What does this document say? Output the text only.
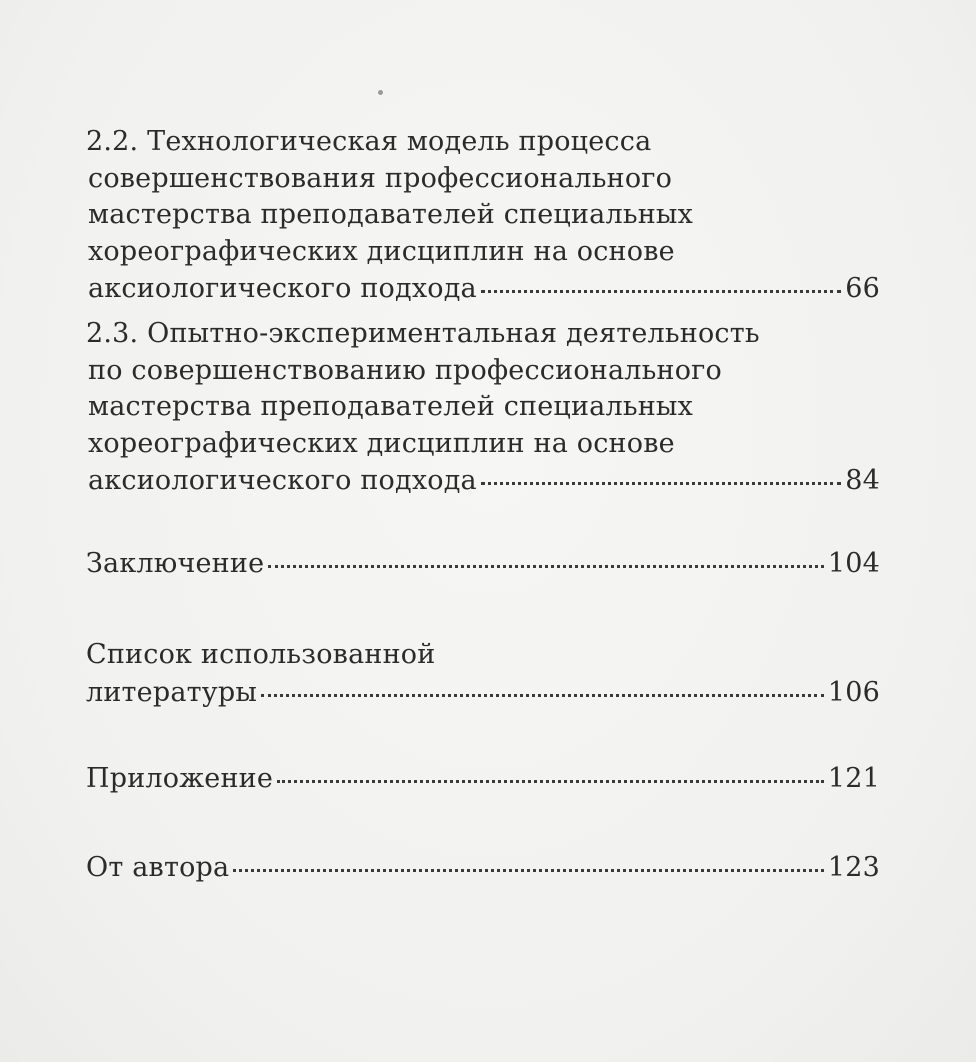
2.2. Технологическая модель процесса
совершенствования профессионального
мастерства преподавателей специальных
хореографических дисциплин на основе
аксиологического подхода	66
2.3. Опытно-экспериментальная деятельность
по совершенствованию профессионального
мастерства преподавателей специальных
хореографических дисциплин на основе
аксиологического подхода	84
Заключение	104
Список использованной
литературы	106
Приложение	121
От автора	123
